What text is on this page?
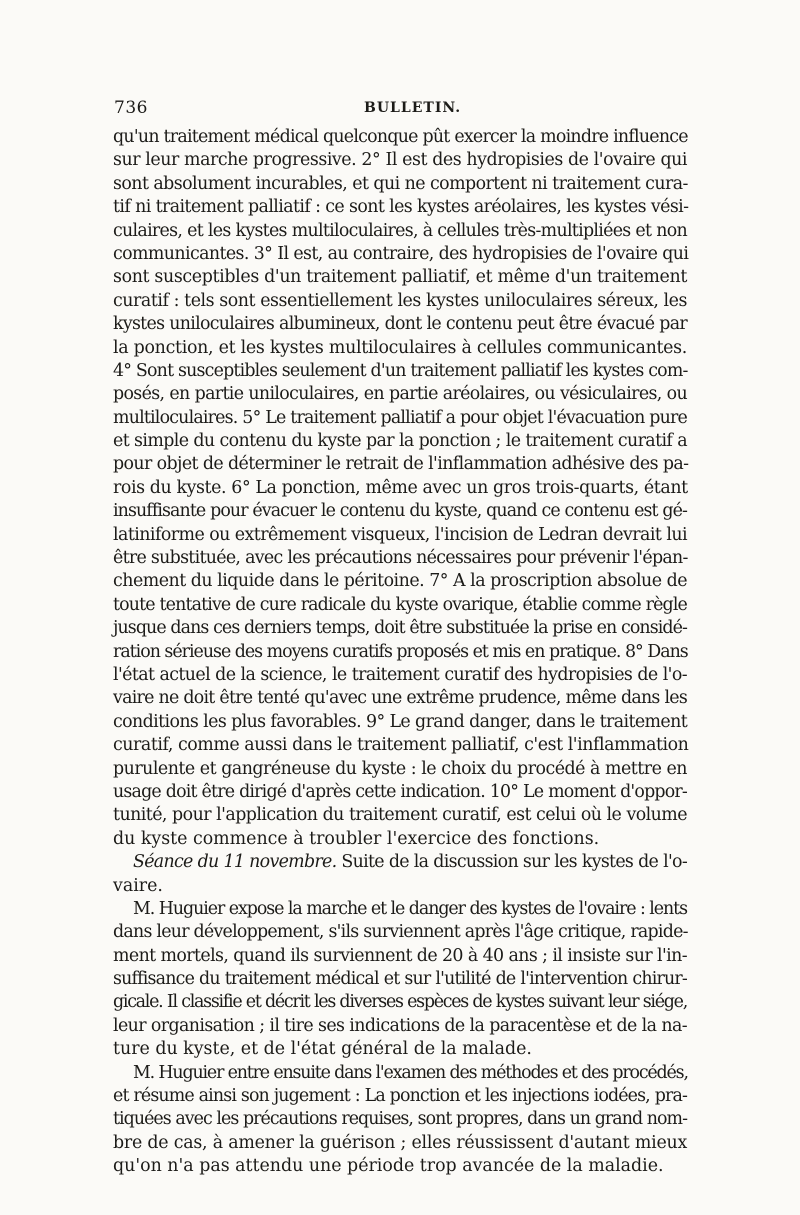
736	BULLETIN.
qu'un traitement médical quelconque pût exercer la moindre influence
sur leur marche progressive. 2° Il est des hydropisies de l'ovaire qui
sont absolument incurables, et qui ne comportent ni traitement cura-
tif ni traitement palliatif : ce sont les kystes aréolaires, les kystes vési-
culaires, et les kystes multiloculaires, à cellules très-multipliées et non
communicantes. 3° Il est, au contraire, des hydropisies de l'ovaire qui
sont susceptibles d'un traitement palliatif, et même d'un traitement
curatif : tels sont essentiellement les kystes uniloculaires séreux, les
kystes uniloculaires albumineux, dont le contenu peut être évacué par
la ponction, et les kystes multiloculaires à cellules communicantes.
4° Sont susceptibles seulement d'un traitement palliatif les kystes com-
posés, en partie uniloculaires, en partie aréolaires, ou vésiculaires, ou
multiloculaires. 5° Le traitement palliatif a pour objet l'évacuation pure
et simple du contenu du kyste par la ponction ; le traitement curatif a
pour objet de déterminer le retrait de l'inflammation adhésive des pa-
rois du kyste. 6° La ponction, même avec un gros trois-quarts, étant
insuffisante pour évacuer le contenu du kyste, quand ce contenu est gé-
latiniforme ou extrêmement visqueux, l'incision de Ledran devrait lui
être substituée, avec les précautions nécessaires pour prévenir l'épan-
chement du liquide dans le péritoine. 7° A la proscription absolue de
toute tentative de cure radicale du kyste ovarique, établie comme règle
jusque dans ces derniers temps, doit être substituée la prise en considé-
ration sérieuse des moyens curatifs proposés et mis en pratique. 8° Dans
l'état actuel de la science, le traitement curatif des hydropisies de l'o-
vaire ne doit être tenté qu'avec une extrême prudence, même dans les
conditions les plus favorables. 9° Le grand danger, dans le traitement
curatif, comme aussi dans le traitement palliatif, c'est l'inflammation
purulente et gangréneuse du kyste : le choix du procédé à mettre en
usage doit être dirigé d'après cette indication. 10° Le moment d'oppor-
tunité, pour l'application du traitement curatif, est celui où le volume
du kyste commence à troubler l'exercice des fonctions.
Séance du 11 novembre. Suite de la discussion sur les kystes de l'o-
vaire.
M. Huguier expose la marche et le danger des kystes de l'ovaire : lents
dans leur développement, s'ils surviennent après l'âge critique, rapide-
ment mortels, quand ils surviennent de 20 à 40 ans ; il insiste sur l'in-
suffisance du traitement médical et sur l'utilité de l'intervention chirur-
gicale. Il classifie et décrit les diverses espèces de kystes suivant leur siége,
leur organisation ; il tire ses indications de la paracentèse et de la na-
ture du kyste, et de l'état général de la malade.
M. Huguier entre ensuite dans l'examen des méthodes et des procédés,
et résume ainsi son jugement : La ponction et les injections iodées, pra-
tiquées avec les précautions requises, sont propres, dans un grand nom-
bre de cas, à amener la guérison ; elles réussissent d'autant mieux
qu'on n'a pas attendu une période trop avancée de la maladie.
